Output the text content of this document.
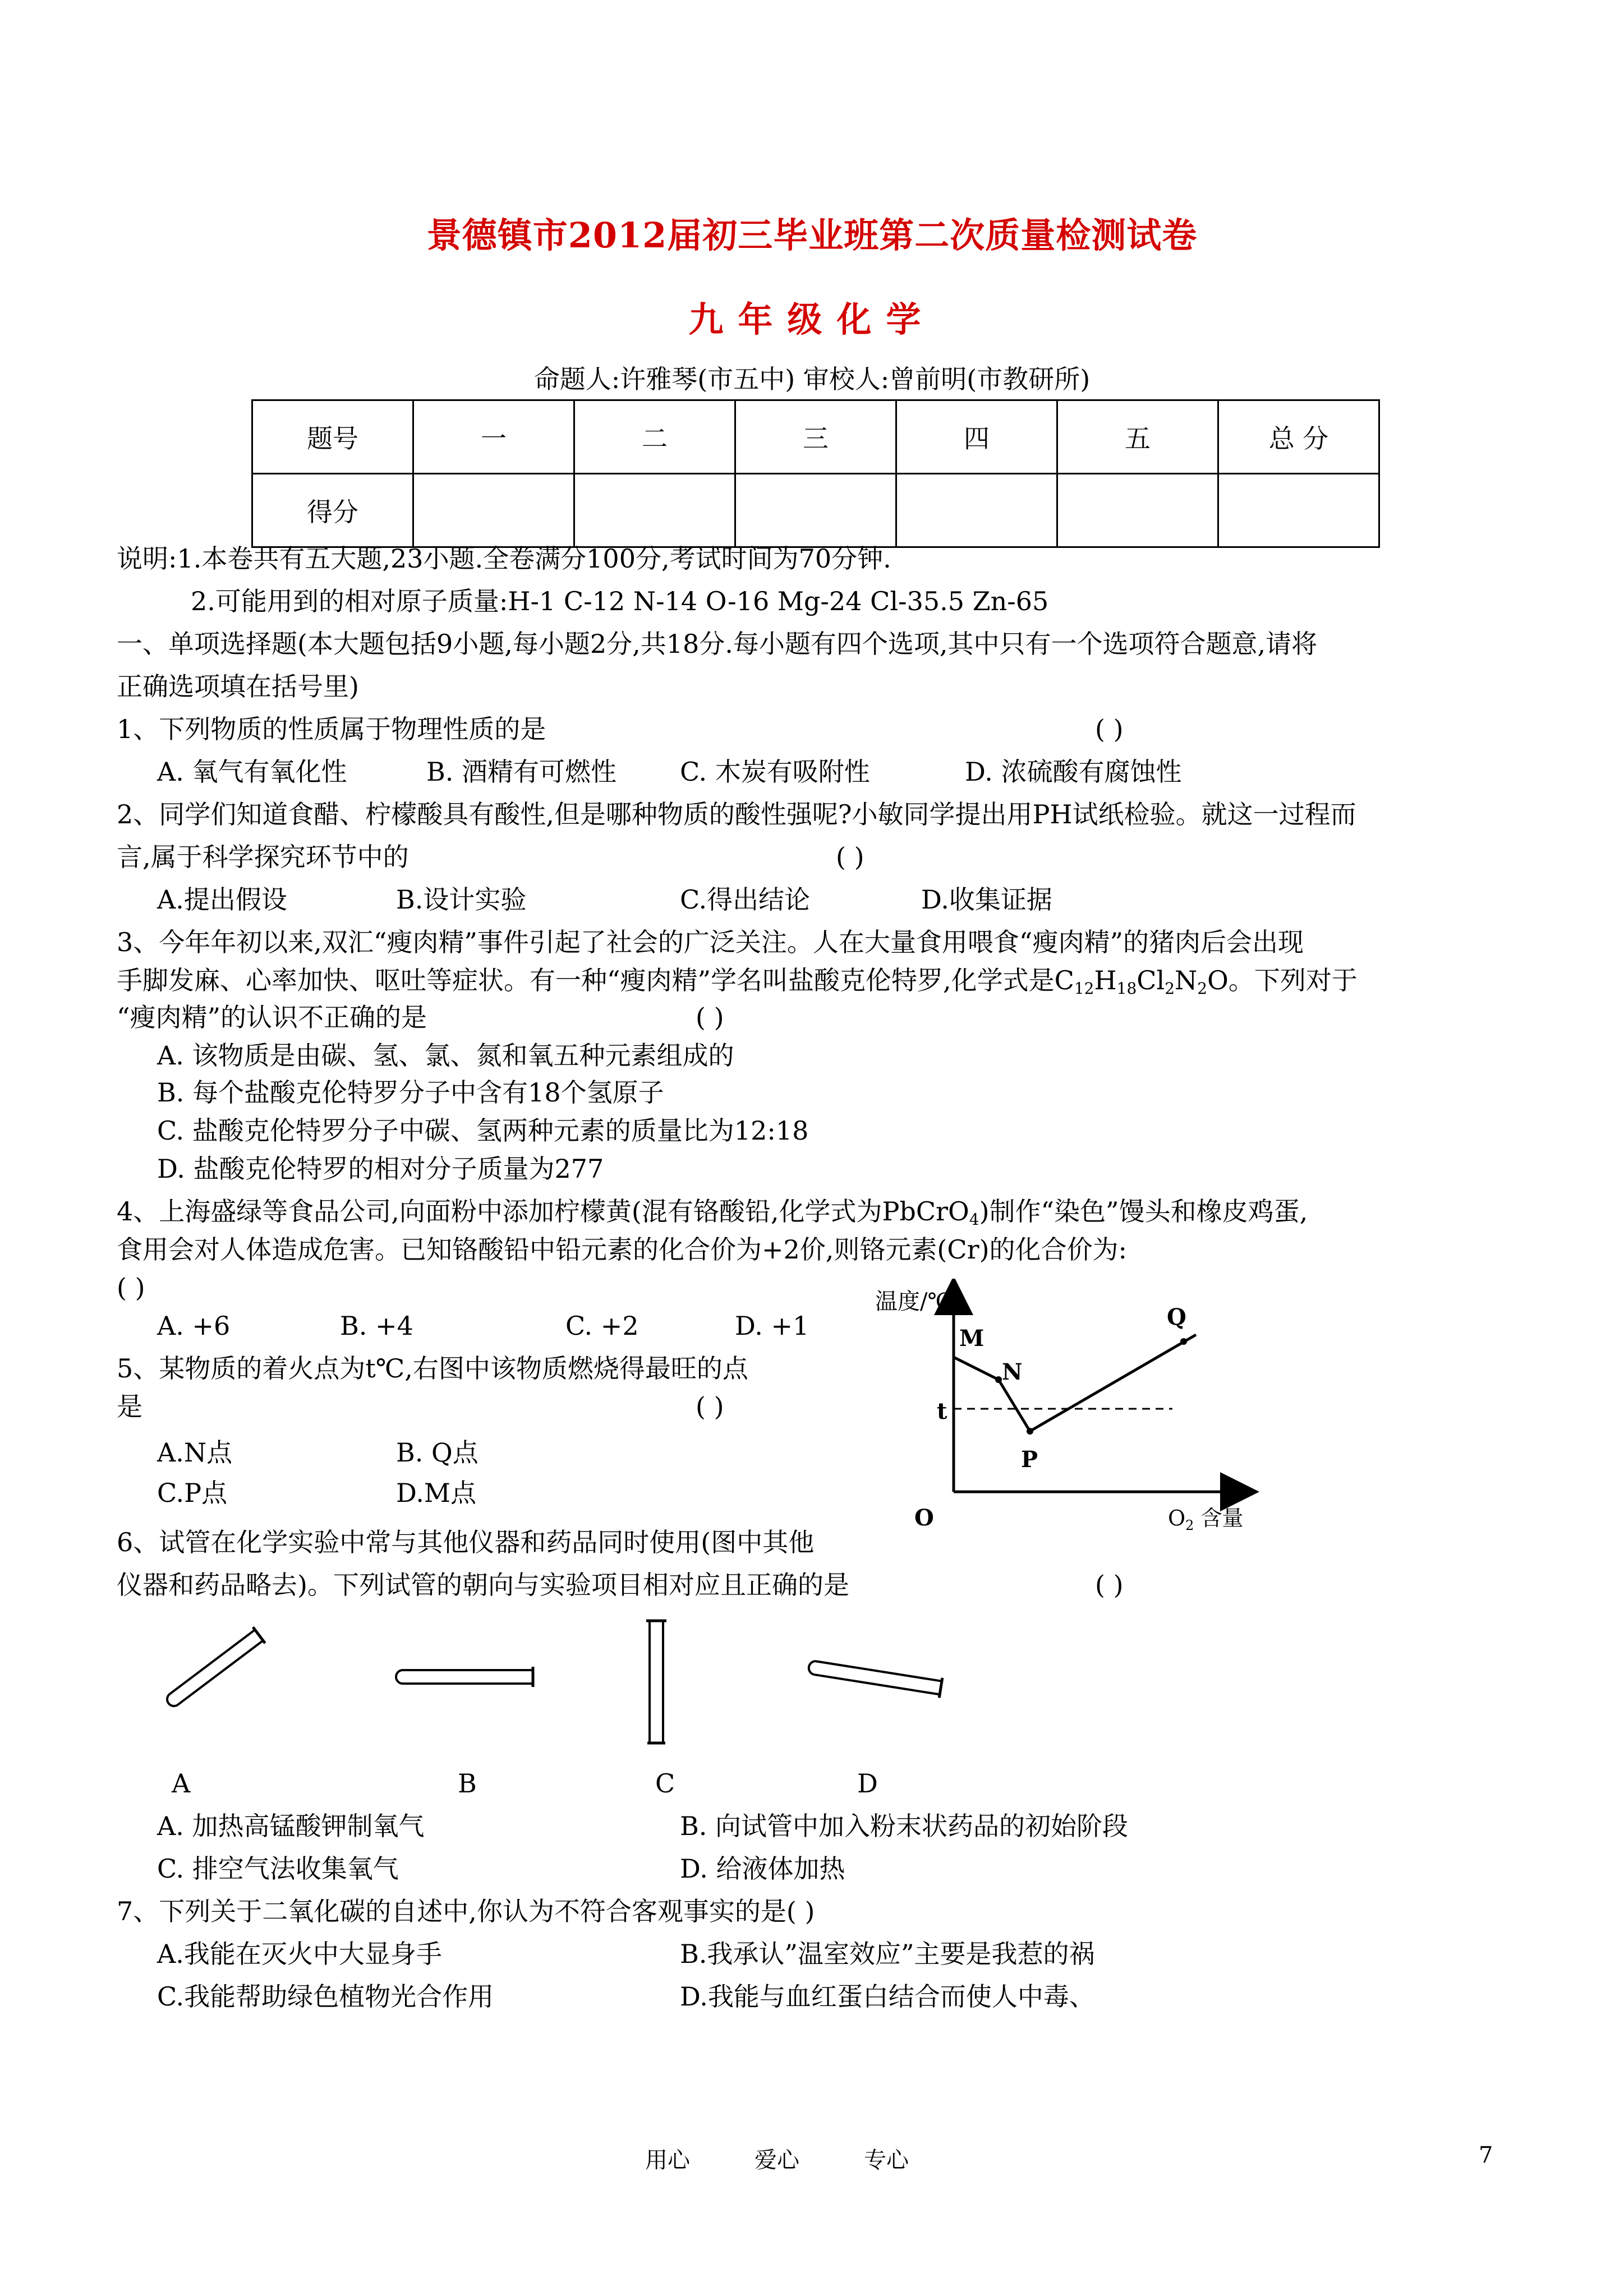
景德镇市2012届初三毕业班第二次质量检测试卷
九年级化学
命题人:许雅琴(市五中) 审校人:曾前明(市教研所)
题号	一	二	三	四	五	总 分
得分						
说明:1.本卷共有五大题,23小题.全卷满分100分,考试时间为70分钟.
2.可能用到的相对原子质量:H-1 C-12 N-14 O-16 Mg-24 Cl-35.5 Zn-65
一、单项选择题(本大题包括9小题,每小题2分,共18分.每小题有四个选项,其中只有一个选项符合题意,请将
正确选项填在括号里)
1、下列物质的性质属于物理性质的是	( )
A. 氧气有氧化性	B. 酒精有可燃性 C. 木炭有吸附性	D. 浓硫酸有腐蚀性
2、同学们知道食醋、柠檬酸具有酸性,但是哪种物质的酸性强呢?小敏同学提出用PH试纸检验。就这一过程而
言,属于科学探究环节中的	( )
A.提出假设	B.设计实验	C.得出结论	D.收集证据
3、今年年初以来,双汇“瘦肉精”事件引起了社会的广泛关注。人在大量食用喂食“瘦肉精”的猪肉后会出现
手脚发麻、心率加快、呕吐等症状。有一种“瘦肉精”学名叫盐酸克伦特罗,化学式是$C_{12}H_{18}Cl_2N_2O$。下列对于
“瘦肉精”的认识不正确的是	( )
A. 该物质是由碳、氢、氯、氮和氧五种元素组成的
B. 每个盐酸克伦特罗分子中含有18个氢原子
C. 盐酸克伦特罗分子中碳、氢两种元素的质量比为12:18
D. 盐酸克伦特罗的相对分子质量为277
4、上海盛绿等食品公司,向面粉中添加柠檬黄(混有铬酸铅,化学式为PbCrO$_4$)制作“染色”馒头和橡皮鸡蛋,
食用会对人体造成危害。已知铬酸铅中铅元素的化合价为+2价,则铬元素(Cr)的化合价为:
( )
A. +6	B. +4	C. +2	D. +1
5、某物质的着火点为t℃,右图中该物质燃烧得最旺的点
是	( )
A.N点	B. Q点
C.P点	D.M点
温度/℃
M
N
Q
P
t
O	$O_2$ 含量
6、试管在化学实验中常与其他仪器和药品同时使用(图中其他
仪器和药品略去)。下列试管的朝向与实验项目相对应且正确的是	( )
A	B	C	D
A. 加热高锰酸钾制氧气	B. 向试管中加入粉末状药品的初始阶段
C. 排空气法收集氧气	D. 给液体加热
7、下列关于二氧化碳的自述中,你认为不符合客观事实的是( )
A.我能在灭火中大显身手	B.我承认”温室效应”主要是我惹的祸
C.我能帮助绿色植物光合作用	D.我能与血红蛋白结合而使人中毒、
用心	爱心	专心	7
